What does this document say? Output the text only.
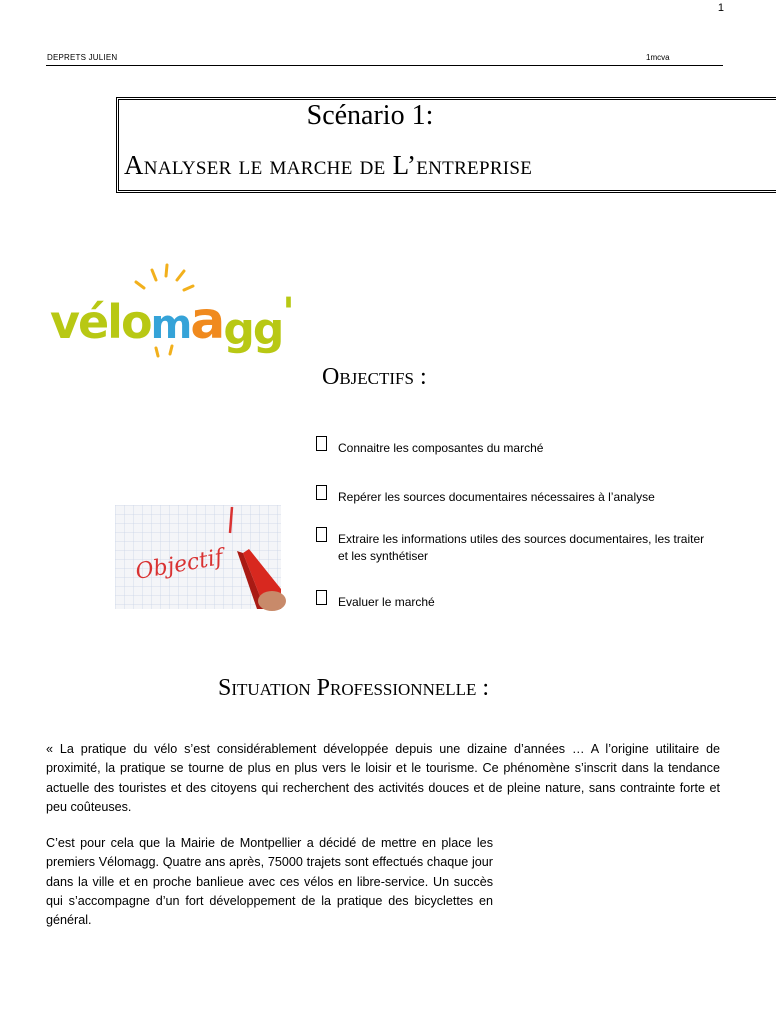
1
DEPRETS JULIEN	1mcva
Scénario 1:
Analyser le marche de L’entreprise
vélomagg'
Objectifs :
Connaitre les composantes du marché
Repérer les sources documentaires nécessaires à l’analyse
Extraire les informations utiles des sources documentaires, les traiter et les synthétiser
Evaluer le marché
Objectif
Situation Professionnelle :
« La pratique du vélo s’est considérablement développée depuis une dizaine d’années … A l’origine utilitaire de proximité, la pratique se tourne de plus en plus vers le loisir et le tourisme. Ce phénomène s’inscrit dans la tendance actuelle des touristes et des citoyens qui recherchent des activités douces et de pleine nature, sans contrainte forte et peu coûteuses.
C’est pour cela que la Mairie de Montpellier a décidé de mettre en place les premiers Vélomagg. Quatre ans après, 75000 trajets sont effectués chaque jour dans la ville et en proche banlieue avec ces vélos en libre-service. Un succès qui s’accompagne d’un fort développement de la pratique des bicyclettes en général.
